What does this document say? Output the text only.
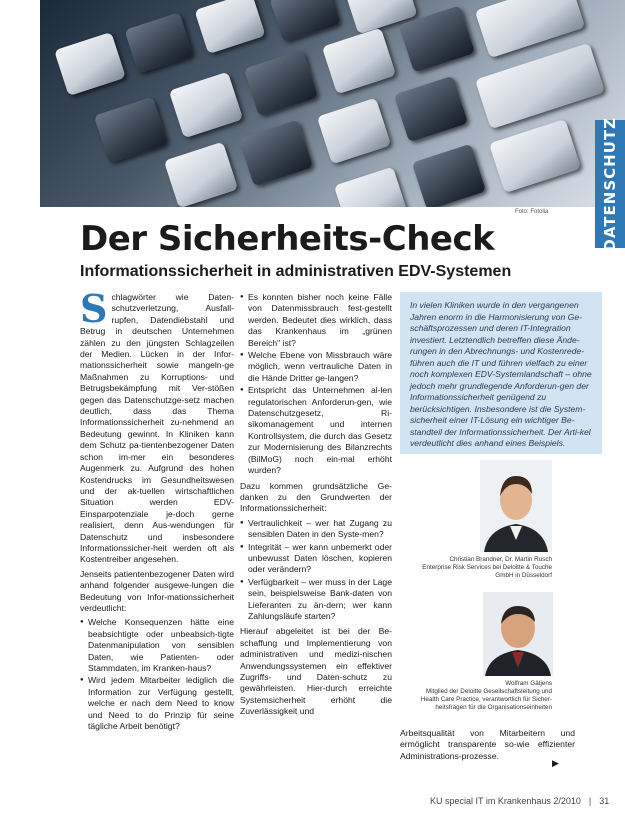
Foto: Fotolia	DATENSCHUTZ
Der Sicherheits-Check
Informationssicherheit in administrativen EDV-Systemen

Schlagwörter wie Daten-schutzverletzung, Ausfall-rupfen, Datendiebstahl und Betrug in deutschen Unternehmen zählen zu den jüngsten Schlagzeilen der Medien. Lücken in der Infor-mationssicherheit sowie mangeln-ge Maßnahmen zu Korruptions- und Betrugsbekämpfung mit Ver-stößen gegen das Datenschutzge-setz machen deutlich, dass das Thema Informationssicherheit zu-nehmend an Bedeutung gewinnt. In Kliniken kann dem Schutz pa-tientenbezogener Daten schon im-mer ein besonderes Augenmerk zu. Aufgrund des hohen Kostendrucks im Gesundheitswesen und der ak-tuellen wirtschaftlichen Situation werden EDV-Einsparpotenziale je-doch gerne realisiert, denn Aus-wendungen für Datenschutz und insbesondere Informationssicher-heit werden oft als Kostentreiber angesehen.

Jenseits patientenbezogener Daten wird anhand folgender ausgewe-lungen die Bedeutung von Infor-mationssicherheit verdeutlicht:

● Welche Konsequenzen hätte eine beabsichtigte oder unbeabsich-tigte Datenmanipulation von sensiblen Daten, wie Patienten- oder Stammdaten, im Kranken-haus?
● Wird jedem Mitarbeiter lediglich die Information zur Verfügung gestellt, welche er nach dem Need to know und Need to do Prinzip für seine tägliche Arbeit benötigt?
● Es konnten bisher noch keine Fälle von Datenmissbrauch fest-gestellt werden. Bedeutet dies wirklich, dass das Krankenhaus im „grünen Bereich" ist?
● Welche Ebene von Missbrauch wäre möglich, wenn vertrauliche Daten in die Hände Dritter ge-langen?
● Entspricht das Unternehmen al-len regulatorischen Anforderun-gen, wie Datenschutzgesetz, Ri-sikomanagement und internen Kontrollsystem, die durch das Gesetz zur Modernisierung des Bilanzrechts (BilMoG) noch ein-mal erhöht wurden?

Dazu kommen grundsätzliche Ge-danken zu den Grundwerten der Informationssicherheit:

● Vertraulichkeit – wer hat Zugang zu sensiblen Daten in den Syste-men?
● Integrität – wer kann unbemerkt oder unbewusst Daten löschen, kopieren oder verändern?
● Verfügbarkeit – wer muss in der Lage sein, beispielsweise Bank-daten von Lieferanten zu än-dern; wer kann Zahlungsläufe starten?

Hierauf abgeleitet ist bei der Be-schaffung und Implementierung von administrativen und medizi-nischen Anwendungssystemen ein effektiver Zugriffs- und Daten-schutz zu gewährleisten. Hier-durch erreichte Systemsicherheit erhöht die Zuverlässigkeit und

In vielen Kliniken wurde in den vergangenen Jahren enorm in die Harmonisierung von Ge-schäftsprozessen und deren IT-Integration investiert. Letztendlich betreffen diese Ände-rungen in den Abrechnungs- und Kostenrede-führen auch die IT und führen vielfach zu einer noch komplexen EDV-Systemlandschaft – ohne jedoch mehr grundlegende Anforderun-gen der Informationssicherheit genügend zu berücksichtigen. Insbesondere ist die System-sicherheit einer IT-Lösung ein wichtiger Be-standteil der Informationssicherheit. Der Arti-kel verdeutlicht dies anhand eines Beispiels.
Christian Brandner, Dr. Martin Rusch
Enterprise Risk Services bei Deloitte & Touche
GmbH in Düsseldorf
Wolfram Gätjens
Mitglied der Deloitte Gesellschaftsleitung und
Health Care Practice, verantwortlich für Sicher-
heitsfragen für die Organisationseinheiten
Arbeitsqualität von Mitarbeitern und ermöglicht transparente so-wie effizienter Administrations-prozesse.
▶
KU special IT im Krankenhaus 2/2010 | 31
